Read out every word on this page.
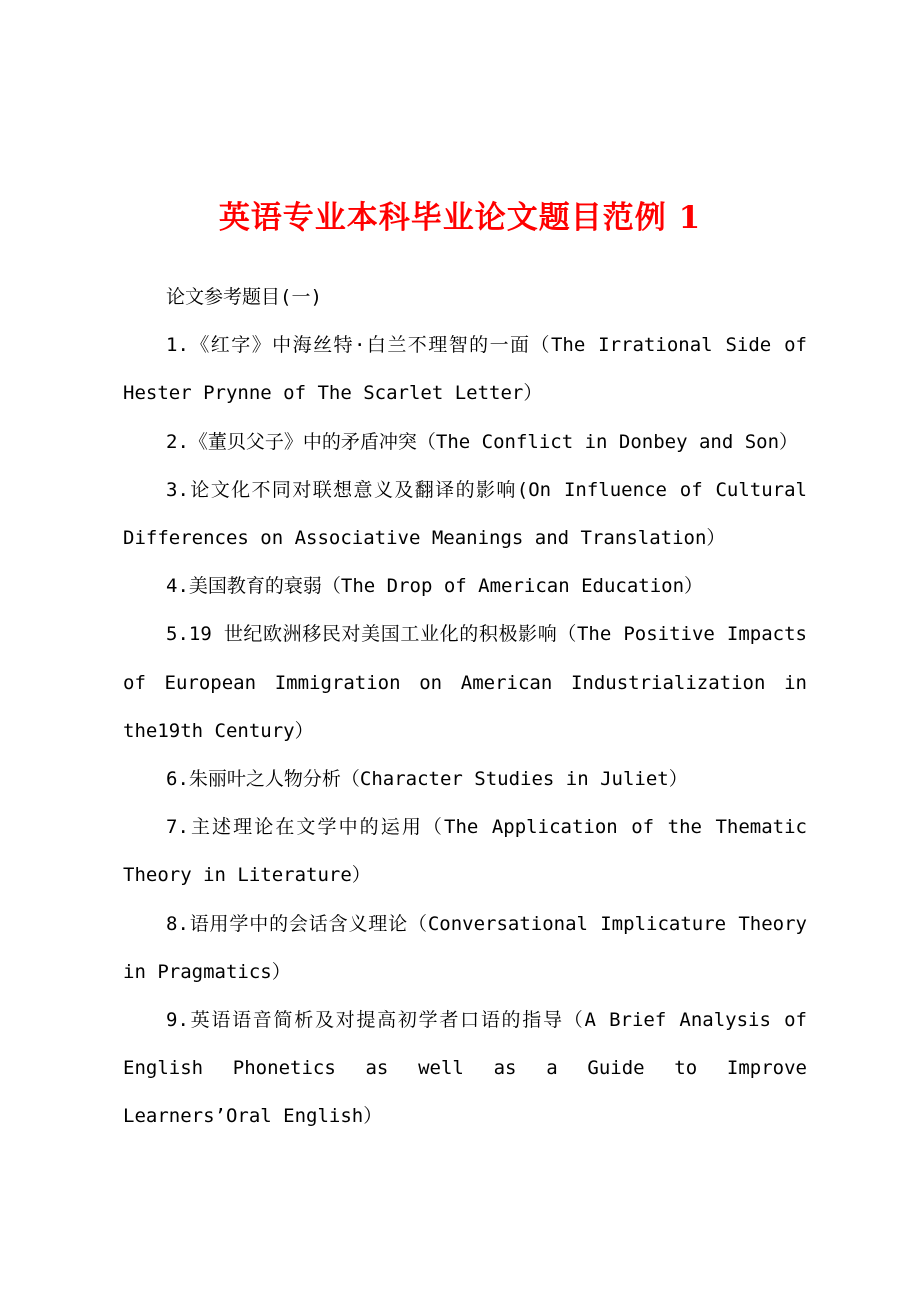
英语专业本科毕业论文题目范例 1

论文参考题目(一)

1.《红字》中海丝特·白兰不理智的一面（The Irrational Side of Hester Prynne of The Scarlet Letter）

2.《董贝父子》中的矛盾冲突（The Conflict in Donbey and Son）

3.论文化不同对联想意义及翻译的影响(On Influence of Cultural Differences on Associative Meanings and Translation）

4.美国教育的衰弱（The Drop of American Education）

5.19 世纪欧洲移民对美国工业化的积极影响（The Positive Impacts of European Immigration on American Industrialization in the19th Century）

6.朱丽叶之人物分析（Character Studies in Juliet）

7.主述理论在文学中的运用（The Application of the Thematic Theory in Literature）

8.语用学中的会话含义理论（Conversational Implicature Theory in Pragmatics）

9.英语语音简析及对提高初学者口语的指导（A Brief Analysis of English Phonetics as well as a Guide to Improve Learners’Oral English）
